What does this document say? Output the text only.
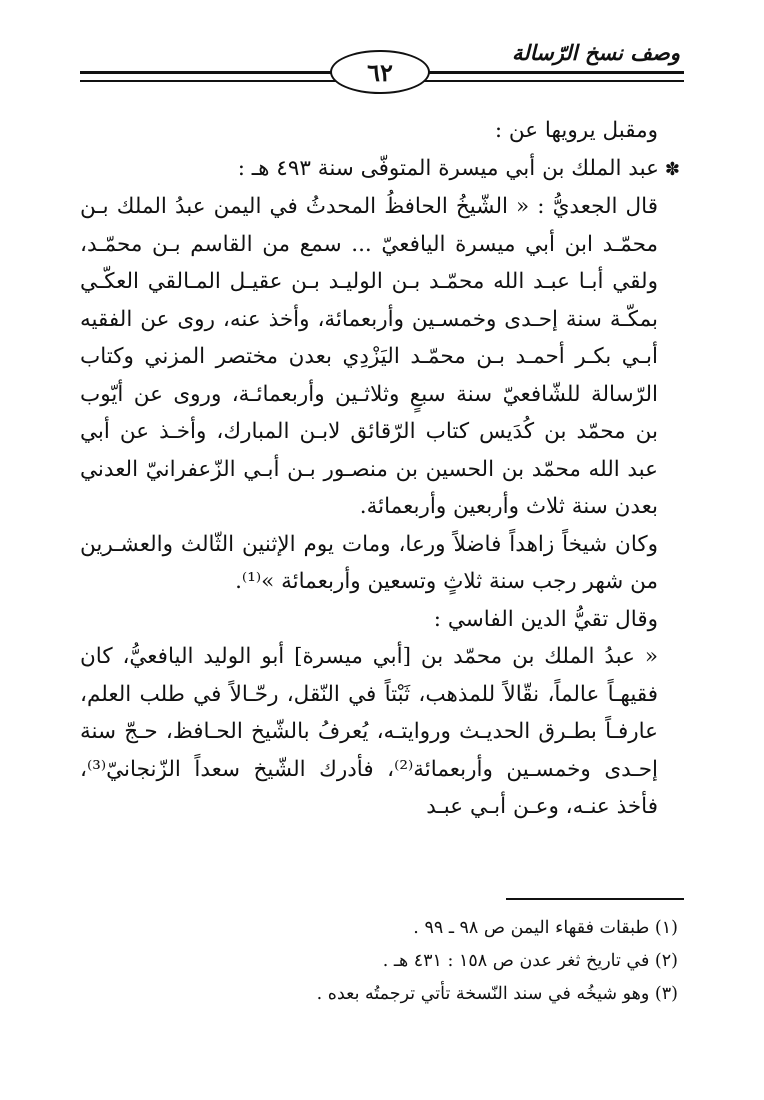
وصف نسخ الرّسالة
٦٢

ومقبل يرويها عن :

✽عبد الملك بن أبي ميسرة المتوفّى سنة ٤٩٣ هـ :

قال الجعديُّ : « الشّيخُ الحافظُ المحدثُ في اليمن عبدُ الملك بـن محمّـد ابن أبي ميسرة اليافعيّ ... سمع من القاسم بـن محمّـد، ولقي أبـا عبـد الله محمّـد بـن الوليـد بـن عقيـل المـالقي العكّـي بمكّـة سنة إحـدى وخمسـين وأربعمائة، وأخذ عنه، روى عن الفقيه أبـي بكـر أحمـد بـن محمّـد اليَزْدِي بعدن مختصر المزني وكتاب الرّسالة للشّافعيّ سنة سبعٍ وثلاثـين وأربعمائـة، وروى عن أيّوب بن محمّد بن كُدَيس كتاب الرّقائق لابـن المبارك، وأخـذ عن أبي عبد الله محمّد بن الحسين بن منصـور بـن أبـي الزّعفرانيّ العدني بعدن سنة ثلاث وأربعين وأربعمائة.

وكان شيخاً زاهداً فاضلاً ورعا، ومات يوم الإثنين الثّالث والعشـرين من شهر رجب سنة ثلاثٍ وتسعين وأربعمائة »⁽¹⁾.

وقال تقيُّ الدين الفاسي :

« عبدُ الملك بن محمّد بن [أبي ميسرة] أبو الوليد اليافعيُّ، كان فقيهـاً عالماً، نقّالاً للمذهب، ثَبْتاً في النّقل، رحّـالاً في طلب العلم، عارفـاً بطـرق الحديـث وروايتـه، يُعرفُ بالشّيخ الحـافظ، حـجّ سنة إحـدى وخمسـين وأربعمائة⁽²⁾، فأدرك الشّيخ سعداً الزّنجانيّ⁽³⁾، فأخذ عنـه، وعـن أبـي عبـد

(١) طبقات فقهاء اليمن ص ٩٨ ـ ٩٩ .

(٢) في تاريخ ثغر عدن ص ١٥٨ : ٤٣١ هـ .

(٣) وهو شيخُه في سند النّسخة تأتي ترجمتُه بعده .
